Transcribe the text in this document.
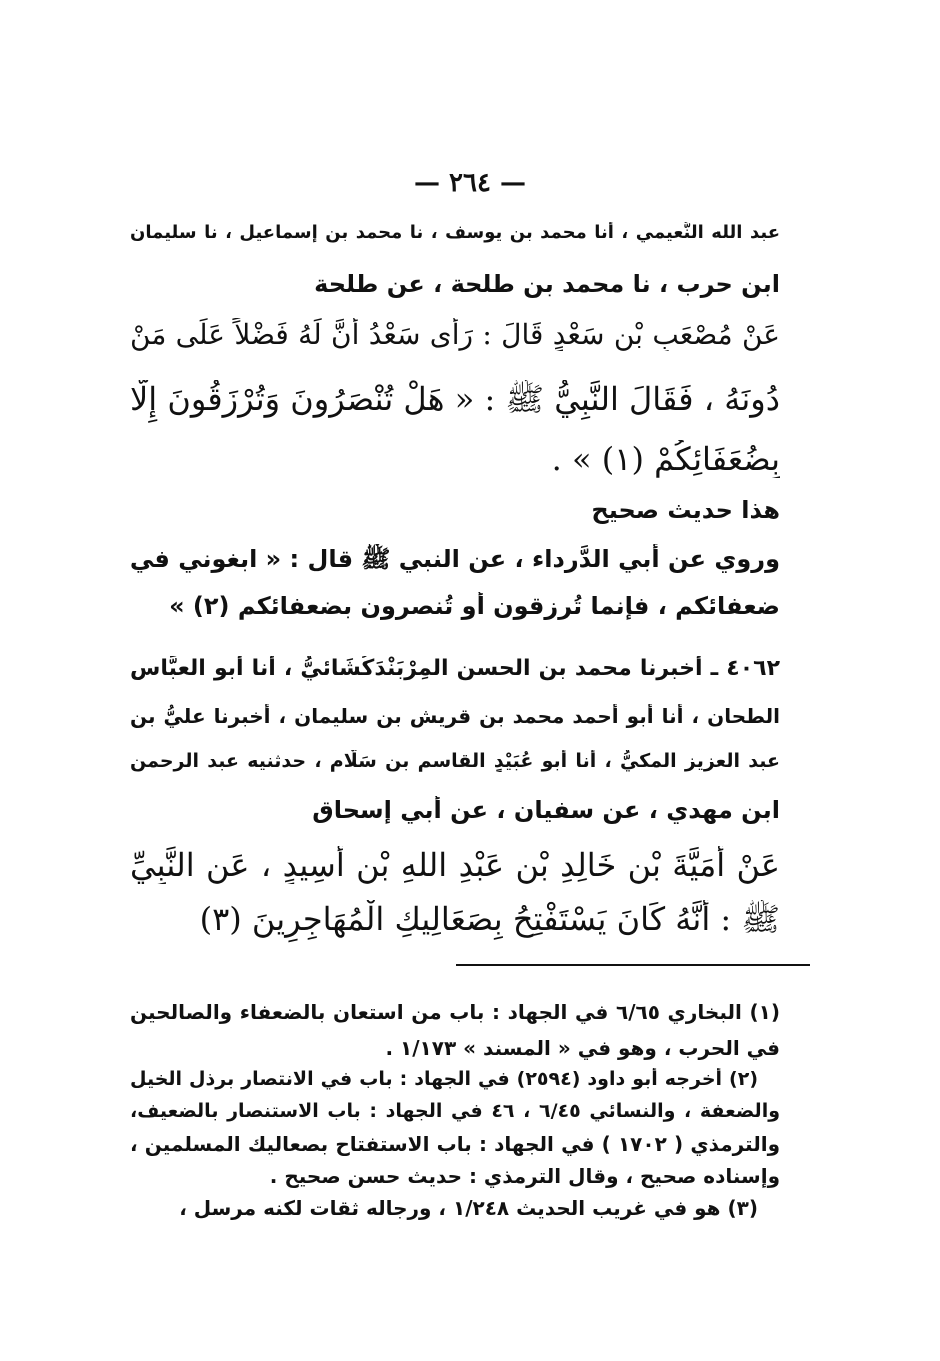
— ٢٦٤ —
عبد الله النُّعيمي ، أنا محمد بن يوسف ، نا محمد بن إسماعيل ، نا سليمان
ابن حرب ، نا محمد بن طلحة ، عن طلحة
عَنْ مُصْعَبِ بْنِ سَعْدٍ قَالَ : رَأَى سَعْدُ أَنَّ لَهُ فَضْلاً عَلَى مَنْ
دُونَهُ ، فَقَالَ النَّبِيُّ ﷺ : « هَلْ تُنْصَرُونَ وَتُرْزَقُونَ إِلَّا
بِضُعَفَائِكُمْ (١) » .
هذا حديث صحيح
وروي عن أبي الدَّرداء ، عن النبي ﷺ قال : « ابغوني في
ضعفائكم ، فإنما تُرزقون أو تُنصرون بضعفائكم (٢) »
٤٠٦٢ ـ أخبرنا محمد بن الحسن المِرْبَنْدَكُشَائيُّ ، أنا أبو العبَّاس
الطحان ، أنا أبو أحمد محمد بن قريش بن سليمان ، أخبرنا عليُّ بن
عبد العزيز المكيُّ ، أنا أبو عُبَيْدٍ القاسم بن سَلَّام ، حدثنيه عبد الرحمن
ابن مهدي ، عن سفيان ، عن أبي إسحاق
عَنْ أُمَيَّةَ بْنِ خَالِدِ بْنِ عَبْدِ اللهِ بْنِ أَسِيدٍ ، عَنِ النَّبِيِّ
ﷺ : أَنَّهُ كَانَ يَسْتَفْتِحُ بِصَعَالِيكِ الْمُهَاجِرِينَ (٣)
(١) البخاري ٦/٦٥ في الجهاد : باب من استعان بالضعفاء والصالحين
في الحرب ، وهو في « المسند » ١/١٧٣ .
(٢) أخرجه أبو داود (٢٥٩٤) في الجهاد : باب في الانتصار برذل الخيل
والضعفة ، والنسائي ٦/٤٥ ، ٤٦ في الجهاد : باب الاستنصار بالضعيف،
والترمذي ( ١٧٠٢ ) في الجهاد : باب الاستفتاح بصعاليك المسلمين ،
وإسناده صحيح ، وقال الترمذي : حديث حسن صحيح .
(٣) هو في غريب الحديث ١/٢٤٨ ، ورجاله ثقات لكنه مرسل ،
